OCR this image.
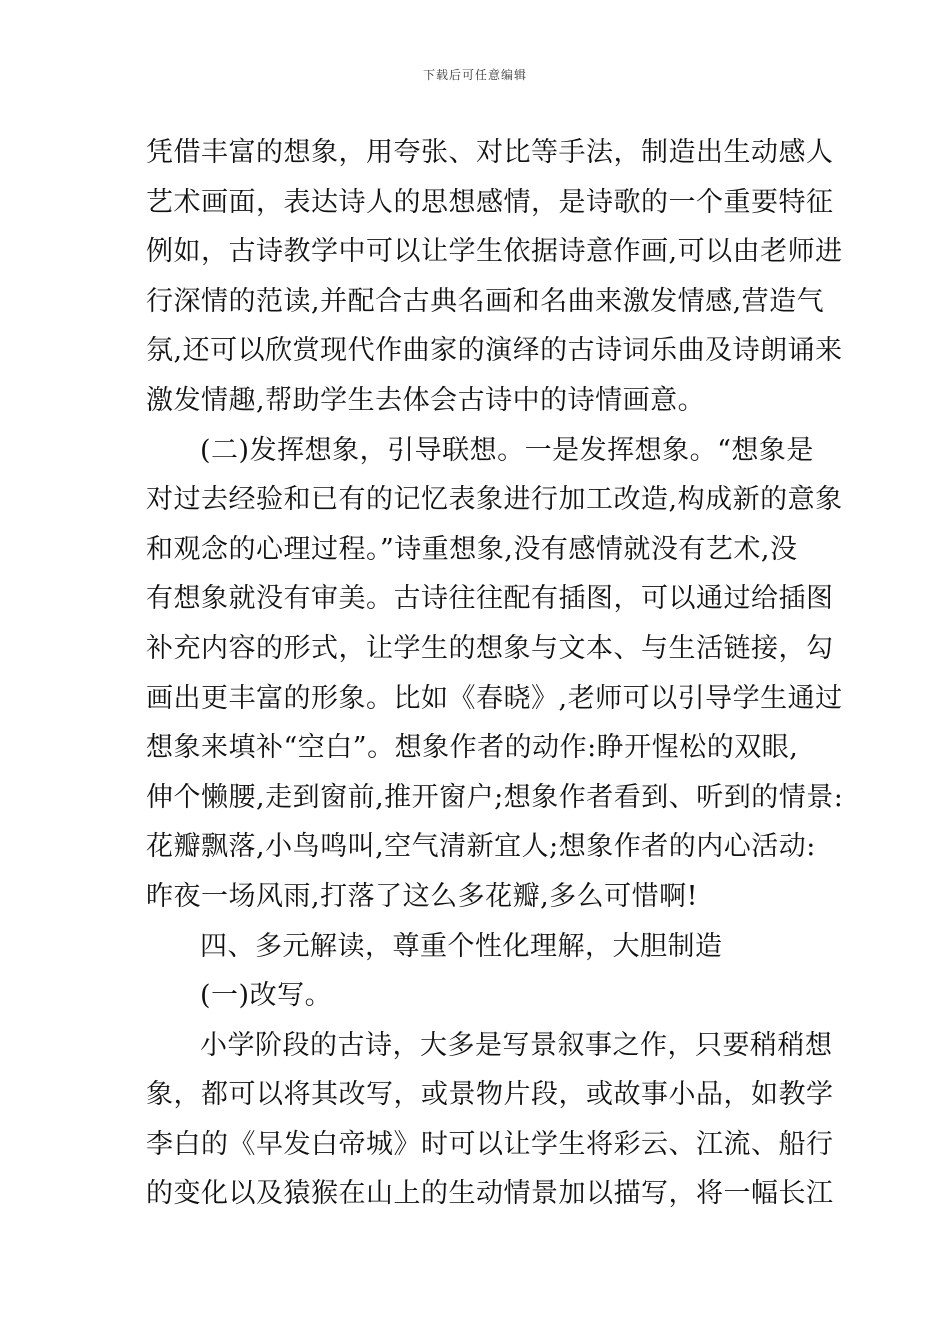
下载后可任意编辑
凭借丰富的想象，用夸张、对比等手法，制造出生动感人
艺术画面，表达诗人的思想感情，是诗歌的一个重要特征
例如，古诗教学中可以让学生依据诗意作画,可以由老师进
行深情的范读,并配合古典名画和名曲来激发情感,营造气
氛,还可以欣赏现代作曲家的演绎的古诗词乐曲及诗朗诵来
激发情趣,帮助学生去体会古诗中的诗情画意。
(二)发挥想象，引导联想。一是发挥想象。“想象是
对过去经验和已有的记忆表象进行加工改造,构成新的意象
和观念的心理过程。”诗重想象,没有感情就没有艺术,没
有想象就没有审美。古诗往往配有插图，可以通过给插图
补充内容的形式，让学生的想象与文本、与生活链接，勾
画出更丰富的形象。比如《春晓》,老师可以引导学生通过
想象来填补“空白”。想象作者的动作:睁开惺松的双眼,
伸个懒腰,走到窗前,推开窗户;想象作者看到、听到的情景:
花瓣飘落,小鸟鸣叫,空气清新宜人;想象作者的内心活动:
昨夜一场风雨,打落了这么多花瓣,多么可惜啊!
四、多元解读，尊重个性化理解，大胆制造
(一)改写。
小学阶段的古诗，大多是写景叙事之作，只要稍稍想
象，都可以将其改写，或景物片段，或故事小品，如教学
李白的《早发白帝城》时可以让学生将彩云、江流、船行
的变化以及猿猴在山上的生动情景加以描写，将一幅长江
